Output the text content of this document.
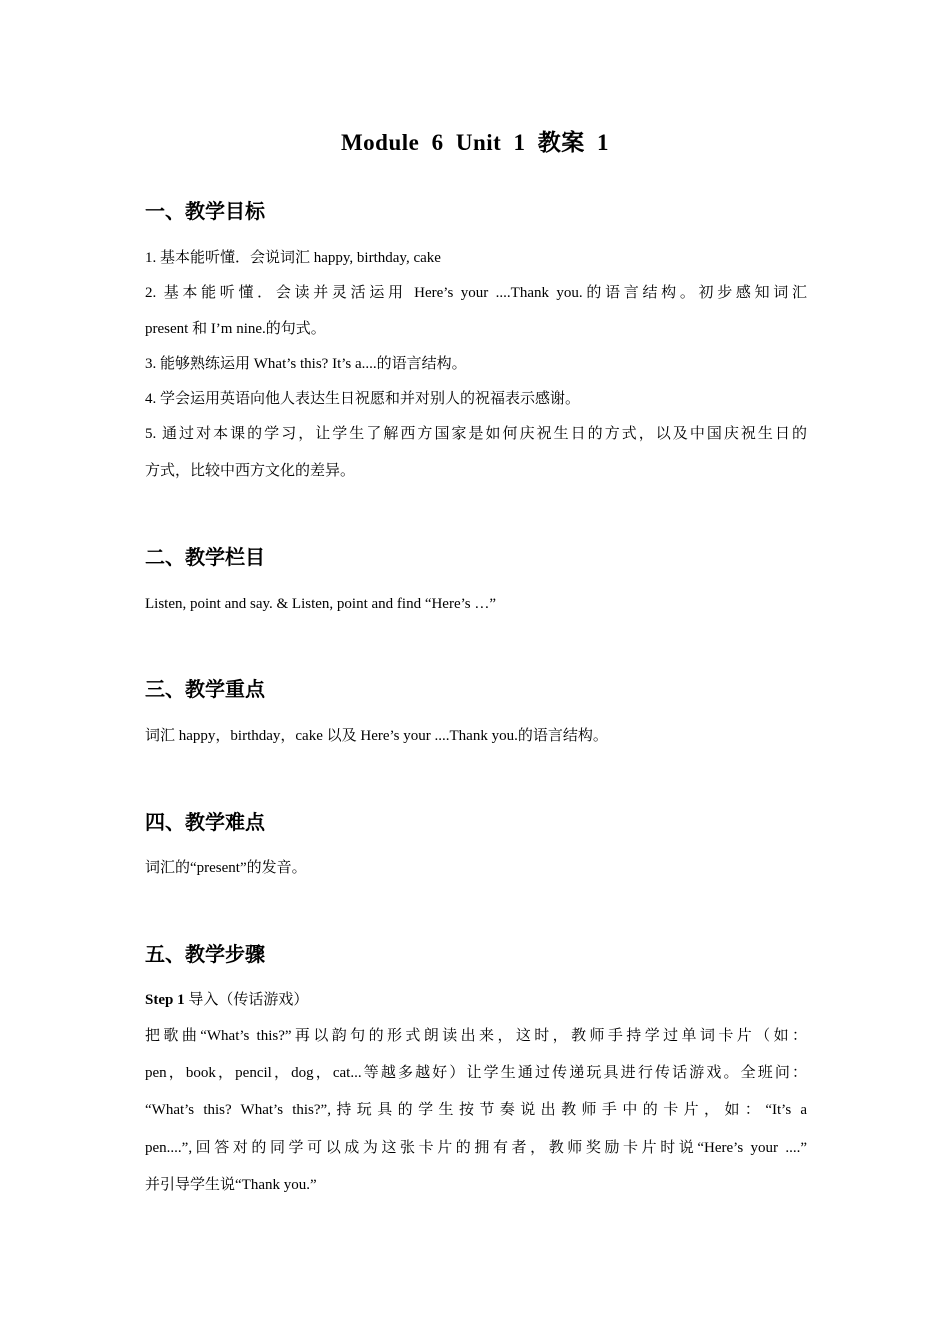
Module 6 Unit 1 教案 1
一、教学目标
1. 基本能听懂．会说词汇 happy, birthday, cake
2. 基本能听懂．会读并灵活运用 Here’s your ....Thank you.的语言结构。初步感知词汇
present 和 I’m nine.的句式。
3. 能够熟练运用 What’s this? It’s a....的语言结构。
4. 学会运用英语向他人表达生日祝愿和并对别人的祝福表示感谢。
5. 通过对本课的学习，让学生了解西方国家是如何庆祝生日的方式，以及中国庆祝生日的
方式，比较中西方文化的差异。
二、教学栏目
Listen, point and say. & Listen, point and find “Here’s …”
三、教学重点
词汇 happy，birthday，cake 以及 Here’s your ....Thank you.的语言结构。
四、教学难点
词汇的“present”的发音。
五、教学步骤
Step 1 导入（传话游戏）
把歌曲“What’s this?”再以韵句的形式朗读出来，这时，教师手持学过单词卡片（如：
pen，book，pencil，dog，cat...等越多越好）让学生通过传递玩具进行传话游戏。全班问：
“What’s this? What’s this?”,持玩具的学生按节奏说出教师手中的卡片，如：“It’s a
pen....”,回答对的同学可以成为这张卡片的拥有者，教师奖励卡片时说“Here’s your ....”
并引导学生说“Thank you.”
